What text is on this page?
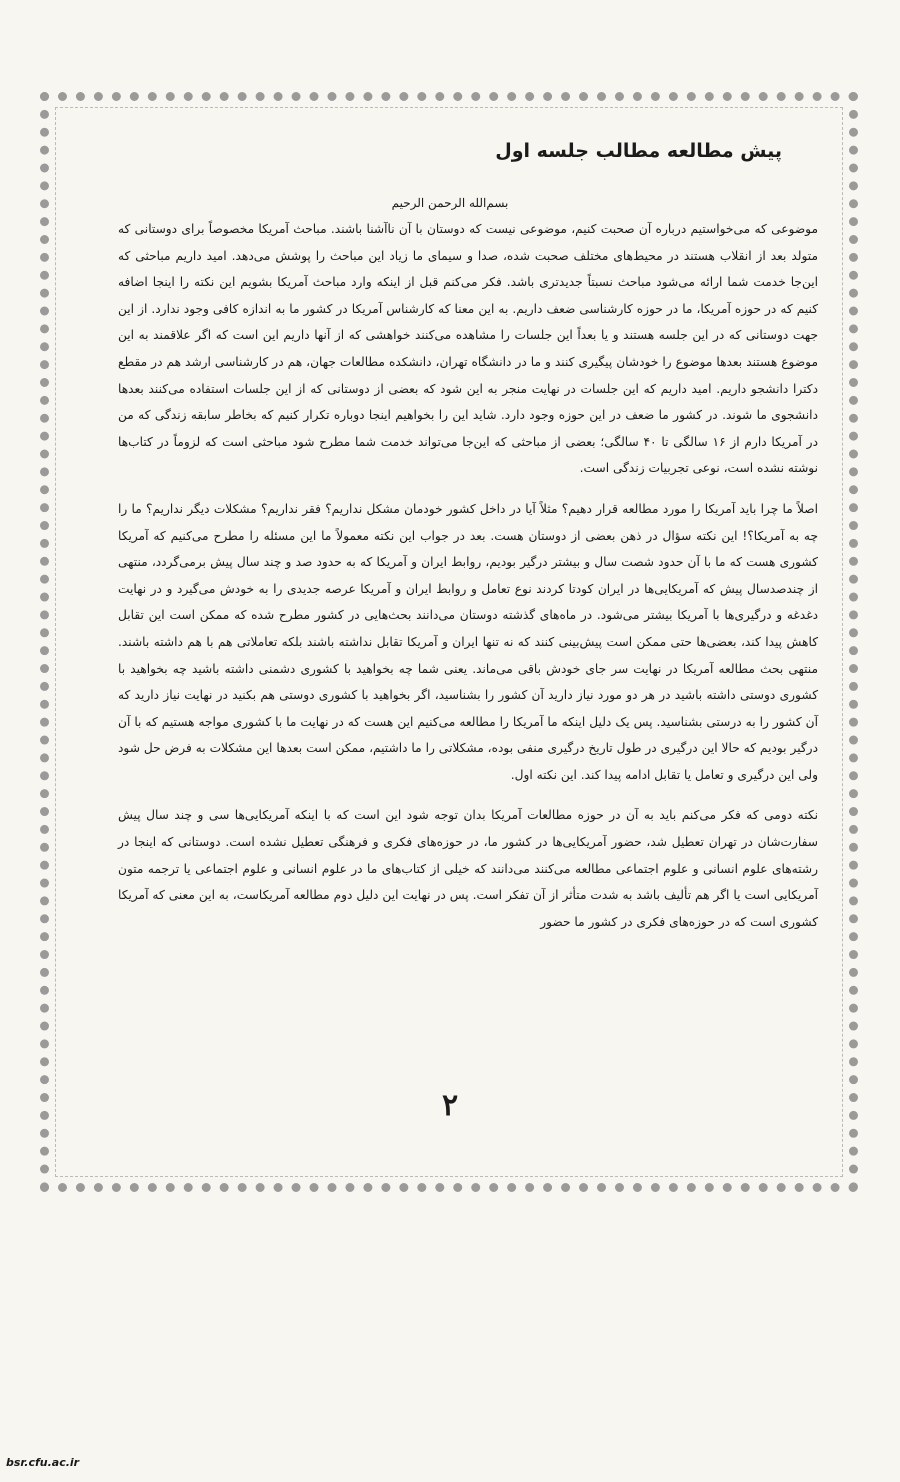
پیش مطالعه مطالب جلسه اول
بسم‌الله الرحمن الرحیم

موضوعی که می‌خواستیم درباره آن صحبت کنیم، موضوعی نیست که دوستان با آن ناآشنا باشند. مباحث آمریکا مخصوصاً برای دوستانی که متولد بعد از انقلاب هستند در محیط‌های مختلف صحبت شده، صدا و سیمای ما زیاد این مباحث را پوشش می‌دهد. امید داریم مباحثی که این‌جا خدمت شما ارائه می‌شود مباحث نسبتاً جدیدتری باشد. فکر می‌کنم قبل از اینکه وارد مباحث آمریکا بشویم این نکته را اینجا اضافه کنیم که در حوزه آمریکا، ما در حوزه کارشناسی ضعف داریم. به این معنا که کارشناس آمریکا در کشور ما به اندازه کافی وجود ندارد. از این جهت دوستانی که در این جلسه هستند و یا بعداً این جلسات را مشاهده می‌کنند خواهشی که از آنها داریم این است که اگر علاقمند به این موضوع هستند بعدها موضوع را خودشان پیگیری کنند و ما در دانشگاه تهران، دانشکده مطالعات جهان، هم در کارشناسی ارشد هم در مقطع دکترا دانشجو داریم. امید داریم که این جلسات در نهایت منجر به این شود که بعضی از دوستانی که از این جلسات استفاده می‌کنند بعدها دانشجوی ما شوند. در کشور ما ضعف در این حوزه وجود دارد. شاید این را بخواهیم اینجا دوباره تکرار کنیم که بخاطر سابقه زندگی که من در آمریکا دارم از ۱۶ سالگی تا ۴۰ سالگی؛ بعضی از مباحثی که این‌جا می‌تواند خدمت شما مطرح شود مباحثی است که لزوماً در کتاب‌ها نوشته نشده است، نوعی تجربیات زندگی است.

اصلاً ما چرا باید آمریکا را مورد مطالعه قرار دهیم؟ مثلاً آیا در داخل کشور خودمان مشکل نداریم؟ فقر نداریم؟ مشکلات دیگر نداریم؟ ما را چه به آمریکا؟! این نکته سؤال در ذهن بعضی از دوستان هست. بعد در جواب این نکته معمولاً ما این مسئله را مطرح می‌کنیم که آمریکا کشوری هست که ما با آن حدود شصت سال و بیشتر درگیر بودیم، روابط ایران و آمریکا که به حدود صد و چند سال پیش برمی‌گردد، منتهی از چندصدسال پیش که آمریکایی‌ها در ایران کودتا کردند نوع تعامل و روابط ایران و آمریکا عرصه جدیدی را به خودش می‌گیرد و در نهایت دغدغه و درگیری‌ها با آمریکا بیشتر می‌شود. در ماه‌های گذشته دوستان می‌دانند بحث‌هایی در کشور مطرح شده که ممکن است این تقابل کاهش پیدا کند، بعضی‌ها حتی ممکن است پیش‌بینی کنند که نه تنها ایران و آمریکا تقابل نداشته باشند بلکه تعاملاتی هم با هم داشته باشند. منتهی بحث مطالعه آمریکا در نهایت سر جای خودش باقی می‌ماند. یعنی شما چه بخواهید با کشوری دشمنی داشته باشید چه بخواهید با کشوری دوستی داشته باشید در هر دو مورد نیاز دارید آن کشور را بشناسید، اگر بخواهید با کشوری دوستی هم بکنید در نهایت نیاز دارید که آن کشور را به درستی بشناسید. پس یک دلیل اینکه ما آمریکا را مطالعه می‌کنیم این هست که در نهایت ما با کشوری مواجه هستیم که با آن درگیر بودیم که حالا این درگیری در طول تاریخ درگیری منفی بوده، مشکلاتی را ما داشتیم، ممکن است بعدها این مشکلات به فرض حل شود ولی این درگیری و تعامل یا تقابل ادامه پیدا کند. این نکته اول.

نکته دومی که فکر می‌کنم باید به آن در حوزه مطالعات آمریکا بدان توجه شود این است که با اینکه آمریکایی‌ها سی و چند سال پیش سفارت‌شان در تهران تعطیل شد، حضور آمریکایی‌ها در کشور ما، در حوزه‌های فکری و فرهنگی تعطیل نشده است. دوستانی که اینجا در رشته‌های علوم انسانی و علوم اجتماعی مطالعه می‌کنند می‌دانند که خیلی از کتاب‌های ما در علوم انسانی و علوم اجتماعی یا ترجمه متون آمریکایی است یا اگر هم تألیف باشد به شدت متأثر از آن تفکر است. پس در نهایت این دلیل دوم مطالعه آمریکاست، به این معنی که آمریکا کشوری است که در حوزه‌های فکری در کشور ما حضور

۲
bsr.cfu.ac.ir
